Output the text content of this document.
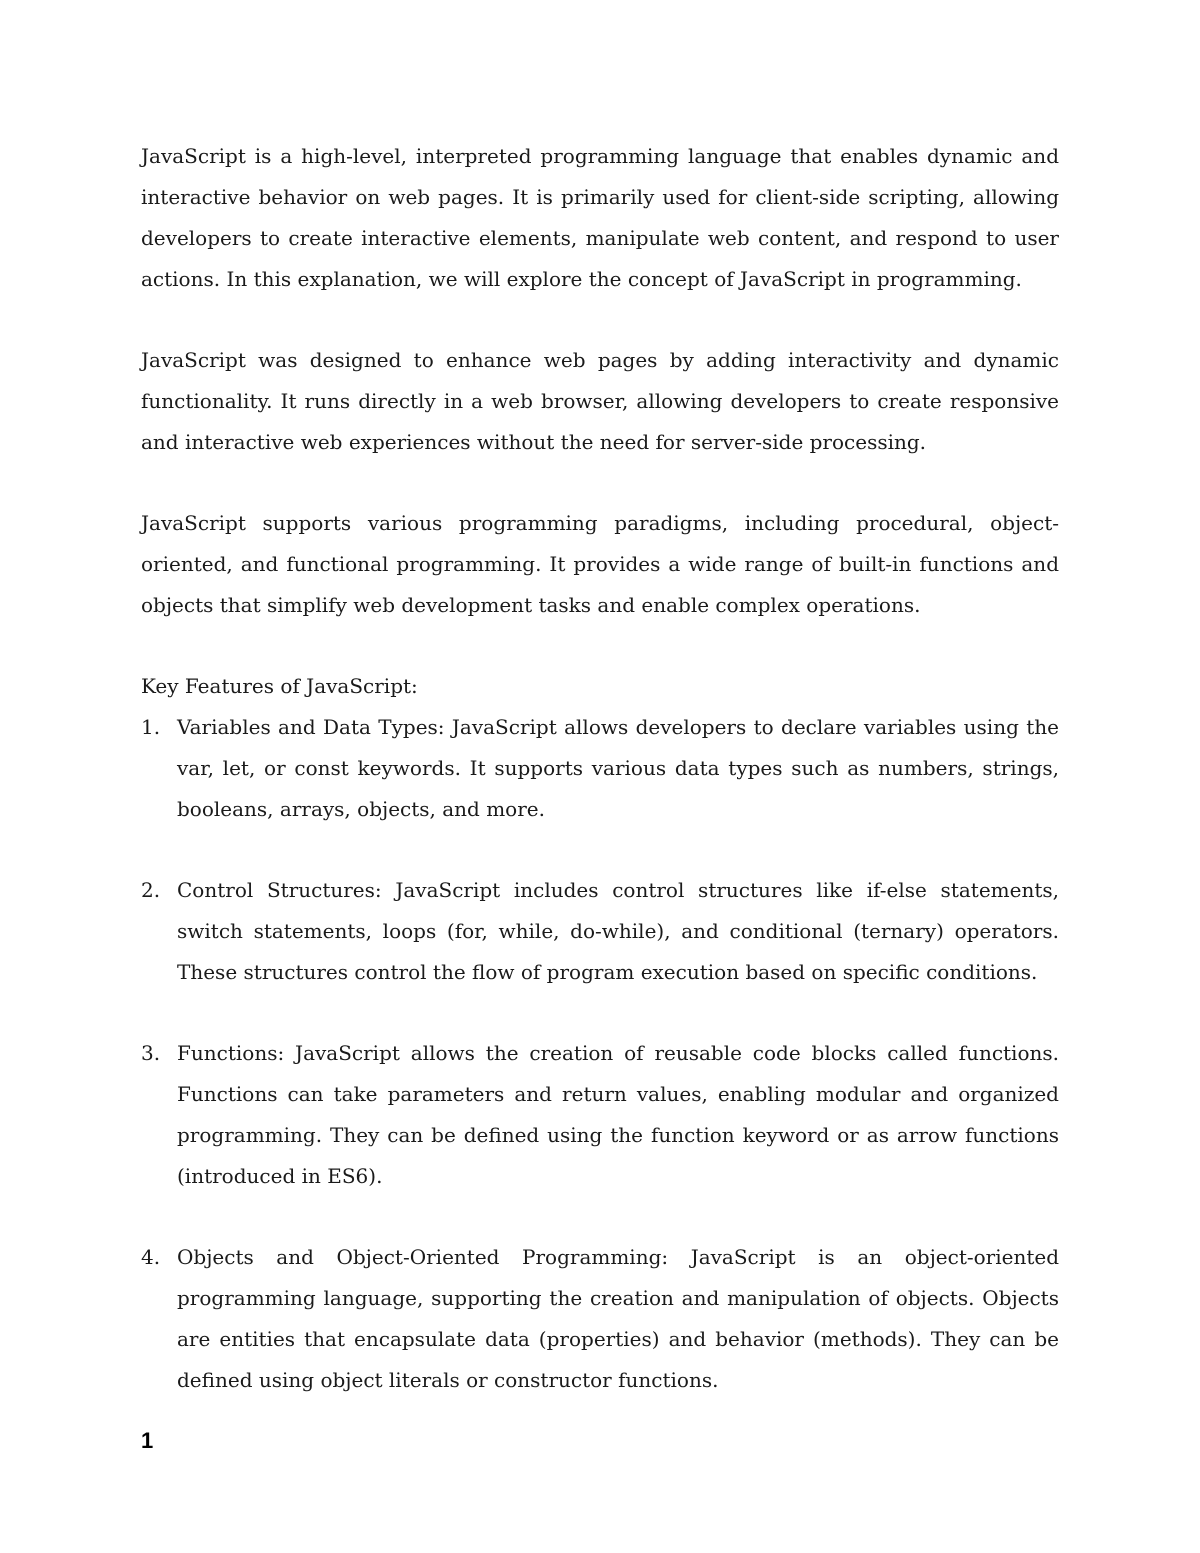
JavaScript is a high-level, interpreted programming language that enables dynamic and interactive behavior on web pages. It is primarily used for client-side scripting, allowing developers to create interactive elements, manipulate web content, and respond to user actions. In this explanation, we will explore the concept of JavaScript in programming.

JavaScript was designed to enhance web pages by adding interactivity and dynamic functionality. It runs directly in a web browser, allowing developers to create responsive and interactive web experiences without the need for server-side processing.

JavaScript supports various programming paradigms, including procedural, object-oriented, and functional programming. It provides a wide range of built-in functions and objects that simplify web development tasks and enable complex operations.

Key Features of JavaScript:

1. Variables and Data Types: JavaScript allows developers to declare variables using the var, let, or const keywords. It supports various data types such as numbers, strings, booleans, arrays, objects, and more.
2. Control Structures: JavaScript includes control structures like if-else statements, switch statements, loops (for, while, do-while), and conditional (ternary) operators. These structures control the flow of program execution based on specific conditions.
3. Functions: JavaScript allows the creation of reusable code blocks called functions. Functions can take parameters and return values, enabling modular and organized programming. They can be defined using the function keyword or as arrow functions (introduced in ES6).
4. Objects and Object-Oriented Programming: JavaScript is an object-oriented programming language, supporting the creation and manipulation of objects. Objects are entities that encapsulate data (properties) and behavior (methods). They can be defined using object literals or constructor functions.
1
